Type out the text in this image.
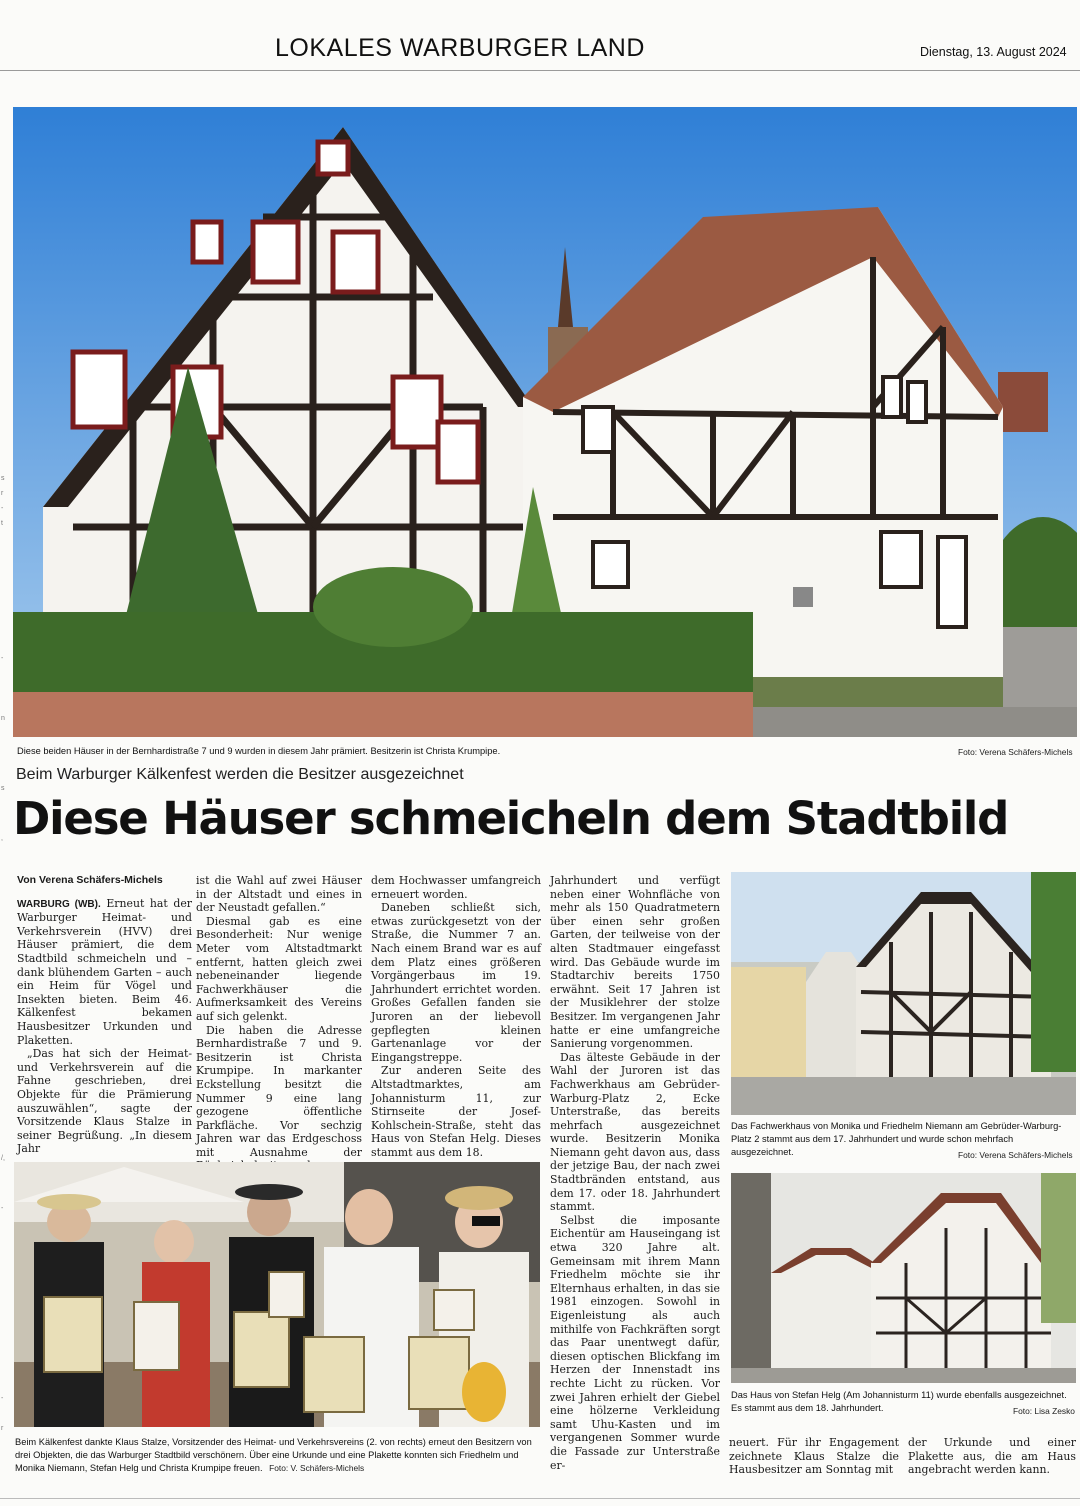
LOKALES WARBURGER LAND	Dienstag, 13. August 2024
s
r
-
t
-
n
s
,
/,
-
-
r
Diese beiden Häuser in der Bernhardistraße 7 und 9 wurden in diesem Jahr prämiert. Besitzerin ist Christa Krumpipe.	Foto: Verena Schäfers-Michels
Beim Warburger Kälkenfest werden die Besitzer ausgezeichnet
Diese Häuser schmeicheln dem Stadtbild
Von Verena Schäfers-Michels

WARBURG (WB). Erneut hat der Warburger Heimat- und Verkehrsverein (HVV) drei Häuser prämiert, die dem Stadtbild schmeicheln und – dank blühendem Garten – auch ein Heim für Vögel und Insekten bieten. Beim 46. Kälkenfest bekamen Hausbesitzer Urkunden und Plaketten.

„Das hat sich der Heimat- und Verkehrsverein auf die Fahne geschrieben, drei Objekte für die Prämierung auszuwählen“, sagte der Vorsitzende Klaus Stalze in seiner Begrüßung. „In diesem Jahr

ist die Wahl auf zwei Häuser in der Altstadt und eines in der Neustadt gefallen.“

Diesmal gab es eine Besonderheit: Nur wenige Meter vom Altstadtmarkt entfernt, hatten gleich zwei nebeneinander liegende Fachwerkhäuser die Aufmerksamkeit des Vereins auf sich gelenkt.

Die haben die Adresse Bernhardistraße 7 und 9. Besitzerin ist Christa Krumpipe. In markanter Eckstellung besitzt die Nummer 9 eine lang gezogene öffentliche Parkfläche. Vor sechzig Jahren war das Erdgeschoss mit Ausnahme der

dem Hochwasser umfangreich erneuert worden.

Daneben schließt sich, etwas zurückgesetzt von der Straße, die Nummer 7 an. Nach einem Brand war es auf dem Platz eines größeren Vorgängerbaus im 19. Jahrhundert errichtet worden. Großes Gefallen fanden sie Juroren an der liebevoll gepflegten kleinen Gartenanlage vor der Eingangstreppe.

Zur anderen Seite des Altstadtmarktes, am Johannisturm 11, zur Stirnseite der Josef-Kohlschein-Straße, steht das Haus von Stefan Helg. Dieses stammt aus dem 18.

Jahrhundert und verfügt neben einer Wohnfläche von mehr als 150 Quadratmetern über einen sehr großen Garten, der teilweise von der alten Stadtmauer eingefasst wird. Das Gebäude wurde im Stadtarchiv bereits 1750 erwähnt. Seit 17 Jahren ist der Musiklehrer der stolze Besitzer. Im vergangenen Jahr hatte er eine umfangreiche Sanierung vorgenommen.

Das älteste Gebäude in der Wahl der Juroren ist das Fachwerkhaus am Gebrüder-Warburg-Platz 2, Ecke Unterstraße, das bereits mehrfach ausgezeichnet wurde. Besitzerin Monika Niemann geht davon aus, dass der jetzige Bau, der nach zwei Stadtbränden entstand, aus dem 17. oder 18. Jahrhundert stammt.

Selbst die imposante Eichentür am Hauseingang ist etwa 320 Jahre alt. Gemeinsam mit ihrem Mann Friedhelm möchte sie ihr Elternhaus erhalten, in das sie 1981 einzogen. Sowohl in Eigenleistung als auch mithilfe von Fachkräften sorgt das Paar unentwegt dafür, diesen optischen Blickfang im Herzen der Innenstadt ins rechte Licht zu rücken. Vor zwei Jahren erhielt der Giebel eine hölzerne Verkleidung samt Uhu-Kasten und im vergangenen Sommer wurde die Fassade zur Unterstraße er-

neuert. Für ihr Engagement zeichnete Klaus Stalze die Hausbesitzer am Sonntag mit

der Urkunde und einer Plakette aus, die am Haus angebracht werden kann.

Beim Kälkenfest dankte Klaus Stalze, Vorsitzender des Heimat- und Verkehrsvereins (2. von rechts) erneut den Besitzern von drei Objekten, die das Warburger Stadtbild verschönern. Über eine Urkunde und eine Plakette konnten sich Friedhelm und Monika Niemann, Stefan Helg und Christa Krumpipe freuen. Foto: V. Schäfers-Michels
Das Fachwerkhaus von Monika und Friedhelm Niemann am Gebrüder-Warburg-Platz 2 stammt aus dem 17. Jahrhundert und wurde schon mehrfach ausgezeichnet.	Foto: Verena Schäfers-Michels
Das Haus von Stefan Helg (Am Johannisturm 11) wurde ebenfalls ausgezeichnet. Es stammt aus dem 18. Jahrhundert.	Foto: Lisa Zesko
